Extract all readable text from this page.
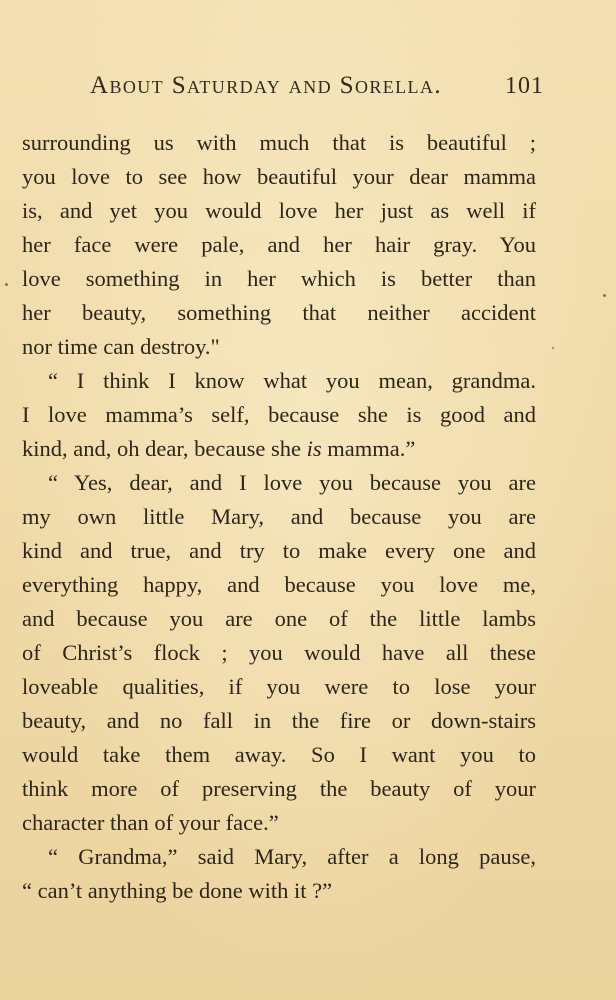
About Saturday and Sorella.	101
surrounding us with much that is beautiful ;
you love to see how beautiful your dear mamma
is, and yet you would love her just as well if
her face were pale, and her hair gray. You
love something in her which is better than
her beauty, something that neither accident
nor time can destroy."
“ I think I know what you mean, grandma.
I love mamma’s self, because she is good and
kind, and, oh dear, because she is mamma.”
“ Yes, dear, and I love you because you are
my own little Mary, and because you are
kind and true, and try to make every one and
everything happy, and because you love me,
and because you are one of the little lambs
of Christ’s flock ; you would have all these
loveable qualities, if you were to lose your
beauty, and no fall in the fire or down-stairs
would take them away. So I want you to
think more of preserving the beauty of your
character than of your face.”
“ Grandma,” said Mary, after a long pause,
“ can’t anything be done with it ?”
